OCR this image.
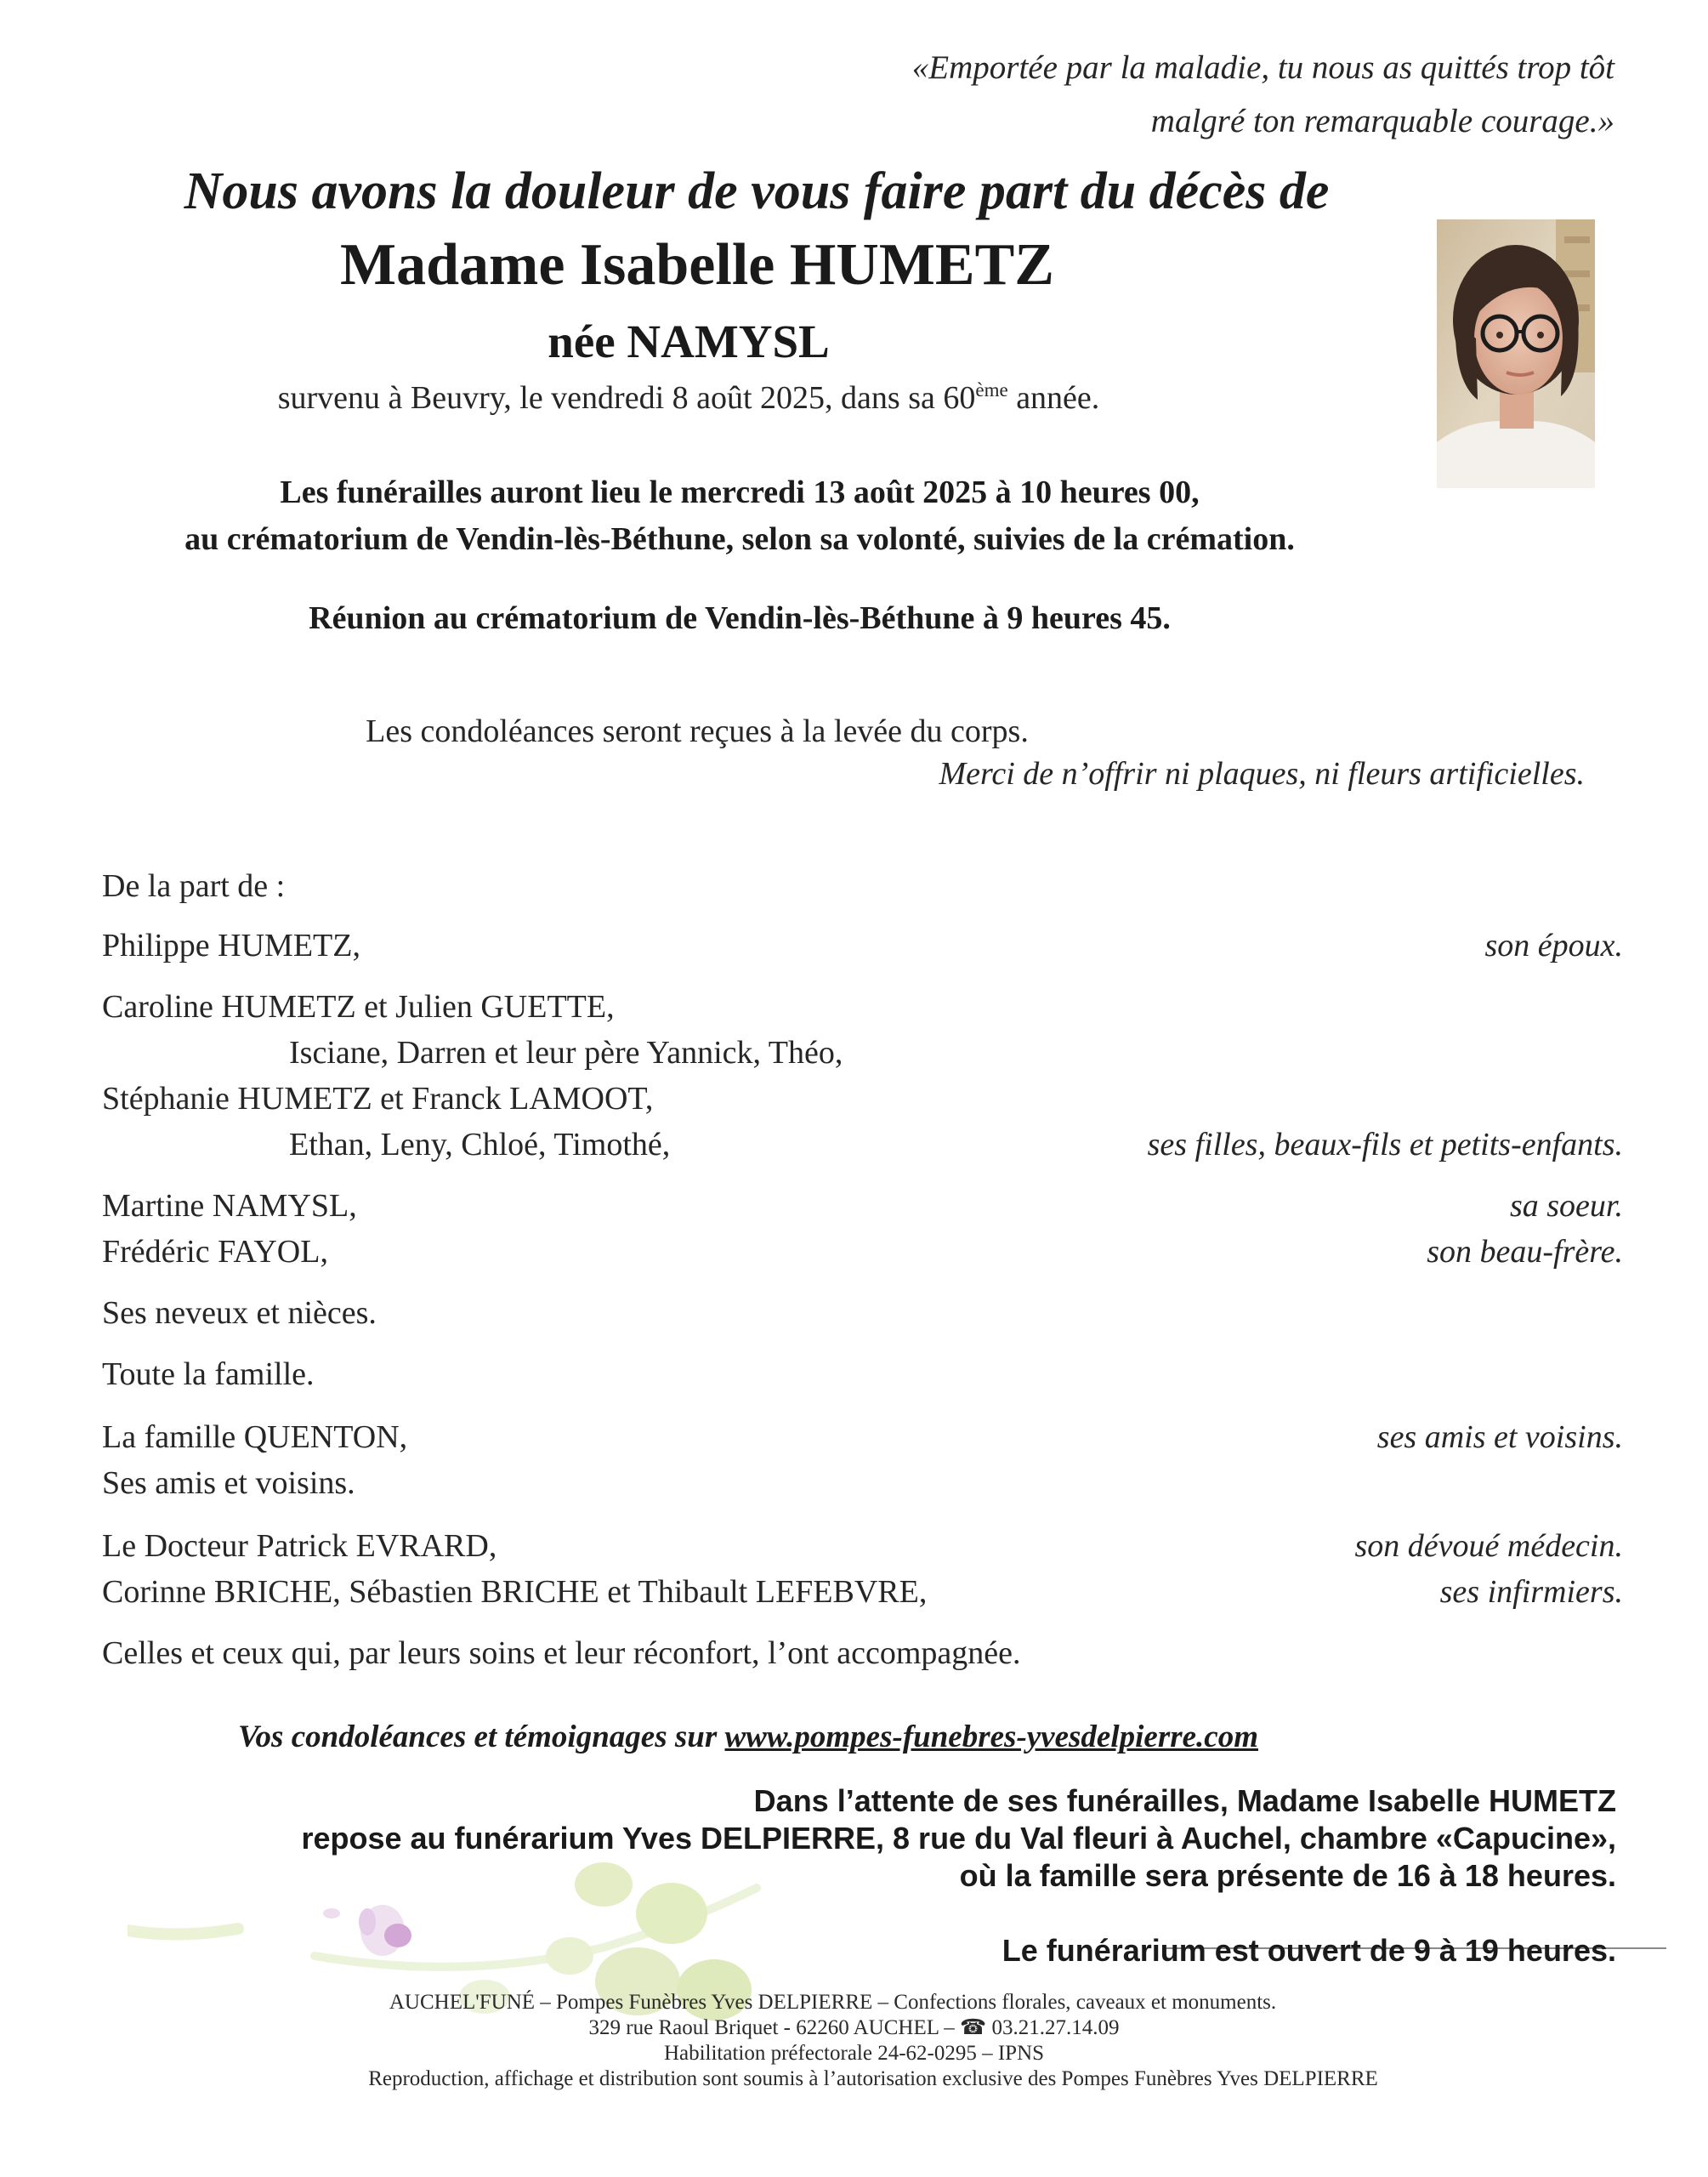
«Emportée par la maladie, tu nous as quittés trop tôt
malgré ton remarquable courage.»

Nous avons la douleur de vous faire part du décès de

Madame Isabelle HUMETZ

née NAMYSL

survenu à Beuvry, le vendredi 8 août 2025, dans sa 60ème année.

Les funérailles auront lieu le mercredi 13 août 2025 à 10 heures 00,
au crématorium de Vendin-lès-Béthune, selon sa volonté, suivies de la crémation.

Réunion au crématorium de Vendin-lès-Béthune à 9 heures 45.

Les condoléances seront reçues à la levée du corps.

Merci de n’offrir ni plaques, ni fleurs artificielles.

De la part de :
Philippe HUMETZ,	son époux.
Caroline HUMETZ et Julien GUETTE,
Isciane, Darren et leur père Yannick, Théo,
Stéphanie HUMETZ et Franck LAMOOT,
Ethan, Leny, Chloé, Timothé,	ses filles, beaux-fils et petits-enfants.
Martine NAMYSL,	sa soeur.
Frédéric FAYOL,	son beau-frère.
Ses neveux et nièces.
Toute la famille.
La famille QUENTON,	ses amis et voisins.
Ses amis et voisins.
Le Docteur Patrick EVRARD,	son dévoué médecin.
Corinne BRICHE, Sébastien BRICHE et Thibault LEFEBVRE,	ses infirmiers.
Celles et ceux qui, par leurs soins et leur réconfort, l’ont accompagnée.

Vos condoléances et témoignages sur www.pompes-funebres-yvesdelpierre.com

Dans l’attente de ses funérailles, Madame Isabelle HUMETZ
repose au funérarium Yves DELPIERRE, 8 rue du Val fleuri à Auchel, chambre «Capucine»,
où la famille sera présente de 16 à 18 heures.

Le funérarium est ouvert de 9 à 19 heures.

AUCHEL'FUNÉ – Pompes Funèbres Yves DELPIERRE – Confections florales, caveaux et monuments.
329 rue Raoul Briquet - 62260 AUCHEL – ☎ 03.21.27.14.09
Habilitation préfectorale 24-62-0295 – IPNS
Reproduction, affichage et distribution sont soumis à l’autorisation exclusive des Pompes Funèbres Yves DELPIERRE
